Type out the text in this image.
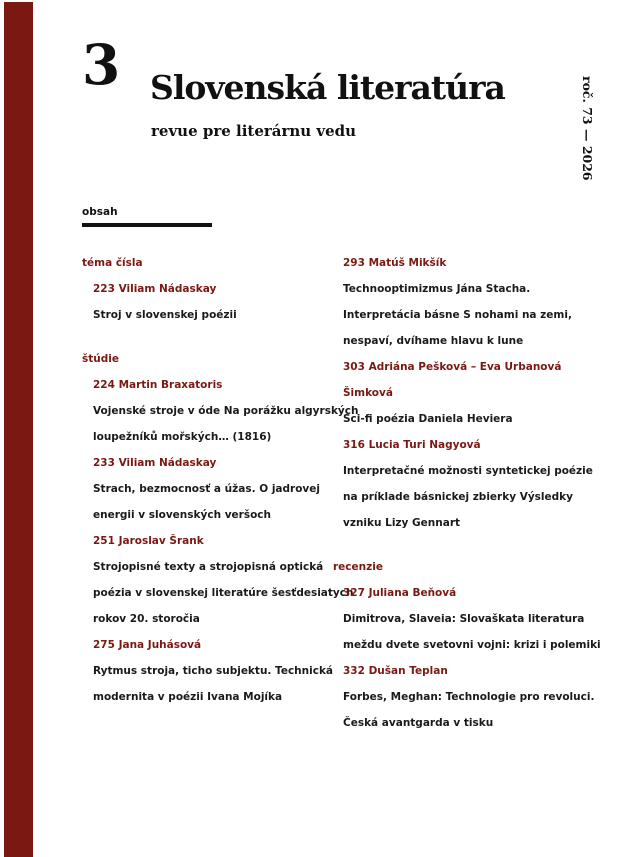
3 Slovenská literatúra
revue pre literárnu vedu	roč. 73 — 2026
obsah
téma čísla
223 Viliam Nádaskay
Stroj v slovenskej poézii
štúdie
224 Martin Braxatoris
Vojenské stroje v óde Na porážku algyrských
loupežníků mořských… (1816)
233 Viliam Nádaskay
Strach, bezmocnosť a úžas. O jadrovej
energii v slovenských veršoch
251 Jaroslav Šrank
Strojopisné texty a strojopisná optická
poézia v slovenskej literatúre šesťdesiatych
rokov 20. storočia
275 Jana Juhásová
Rytmus stroja, ticho subjektu. Technická
modernita v poézii Ivana Mojíka
293 Matúš Mikšík
Technooptimizmus Jána Stacha.
Interpretácia básne S nohami na zemi,
nespaví, dvíhame hlavu k lune
303 Adriána Pešková – Eva Urbanová
Šimková
Sci-fi poézia Daniela Heviera
316 Lucia Turi Nagyová
Interpretačné možnosti syntetickej poézie
na príklade básnickej zbierky Výsledky
vzniku Lizy Gennart
recenzie
327 Juliana Beňová
Dimitrova, Slaveia: Slovaškata literatura
meždu dvete svetovni vojni: krizi i polemiki
332 Dušan Teplan
Forbes, Meghan: Technologie pro revoluci.
Česká avantgarda v tisku
